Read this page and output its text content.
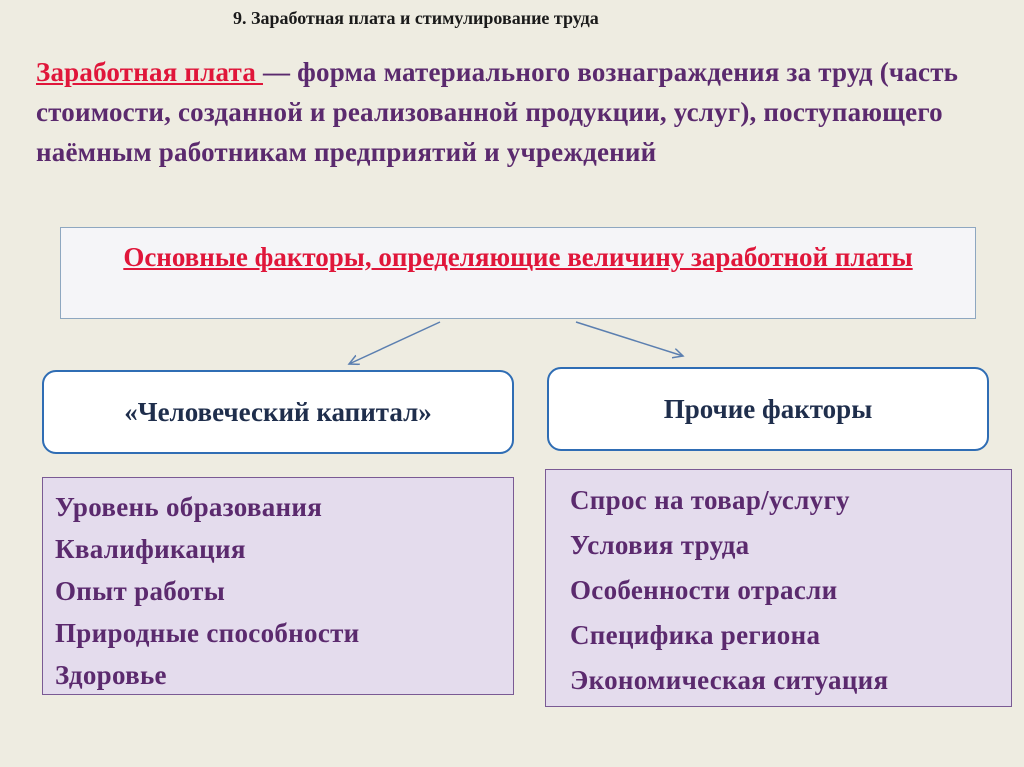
9. Заработная плата и стимулирование труда
Заработная плата — форма материального вознаграждения за труд (часть стоимости, созданной и реализованной продукции, услуг), поступающего наёмным работникам предприятий и учреждений
Основные факторы, определяющие величину заработной платы
«Человеческий капитал»	Прочие факторы
Уровень образования
Квалификация
Опыт работы
Природные способности
Здоровье
Спрос на товар/услугу
Условия труда
Особенности отрасли
Специфика региона
Экономическая ситуация
